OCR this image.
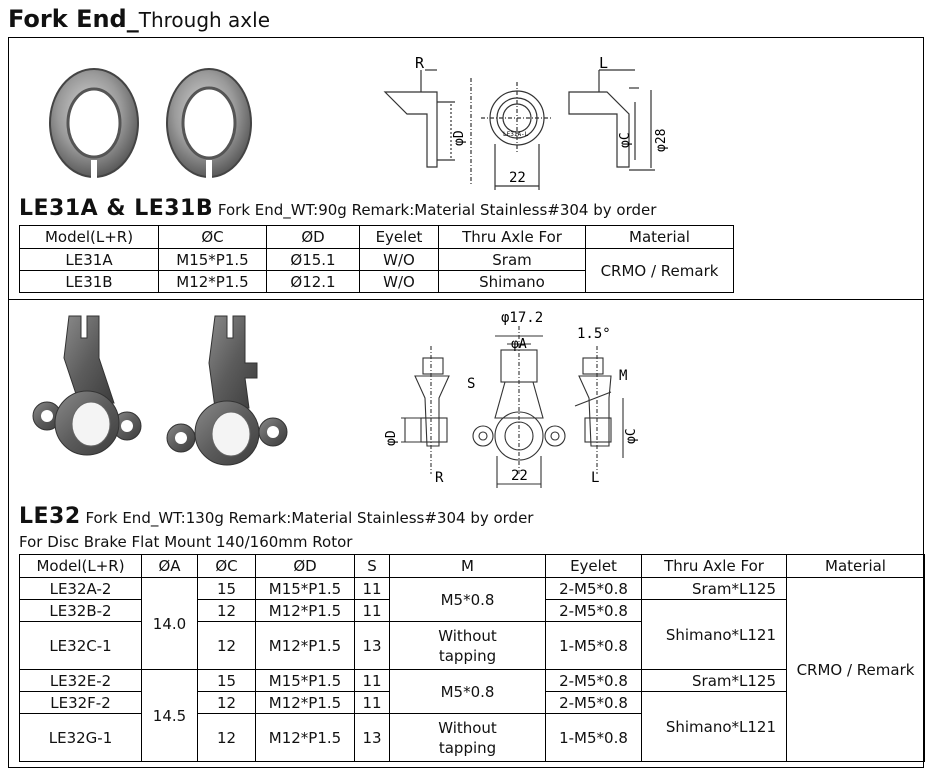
Fork End_Through axle
R	L
φD	φC φ28
22
LE31A-L
LE31A & LE31B Fork End_WT:90g Remark:Material Stainless#304 by order
Model(L+R)	ØC	ØD	Eyelet	Thru Axle For	Material
LE31A	M15*P1.5	Ø15.1	W/O	Sram	CRMO / Remark
LE31B	M12*P1.5	Ø12.1	W/O	Shimano	
φ17.2
φA
1.5°
S	M
φD	φC
R	22	L
LE32 Fork End_WT:130g Remark:Material Stainless#304 by order
For Disc Brake Flat Mount 140/160mm Rotor
Model(L+R)	ØA	ØC	ØD	S	M	Eyelet	Thru Axle For	Material
LE32A-2	14.0	15	M15*P1.5	11	M5*0.8	2-M5*0.8	Sram*L125	CRMO / Remark
LE32B-2		12	M12*P1.5	11		2-M5*0.8	Shimano*L121	
LE32C-1		12	M12*P1.5	13	Without
tapping	1-M5*0.8		
LE32E-2	14.5	15	M15*P1.5	11	M5*0.8	2-M5*0.8	Sram*L125	
LE32F-2		12	M12*P1.5	11		2-M5*0.8	Shimano*L121	
LE32G-1		12	M12*P1.5	13	Without
tapping	1-M5*0.8		
